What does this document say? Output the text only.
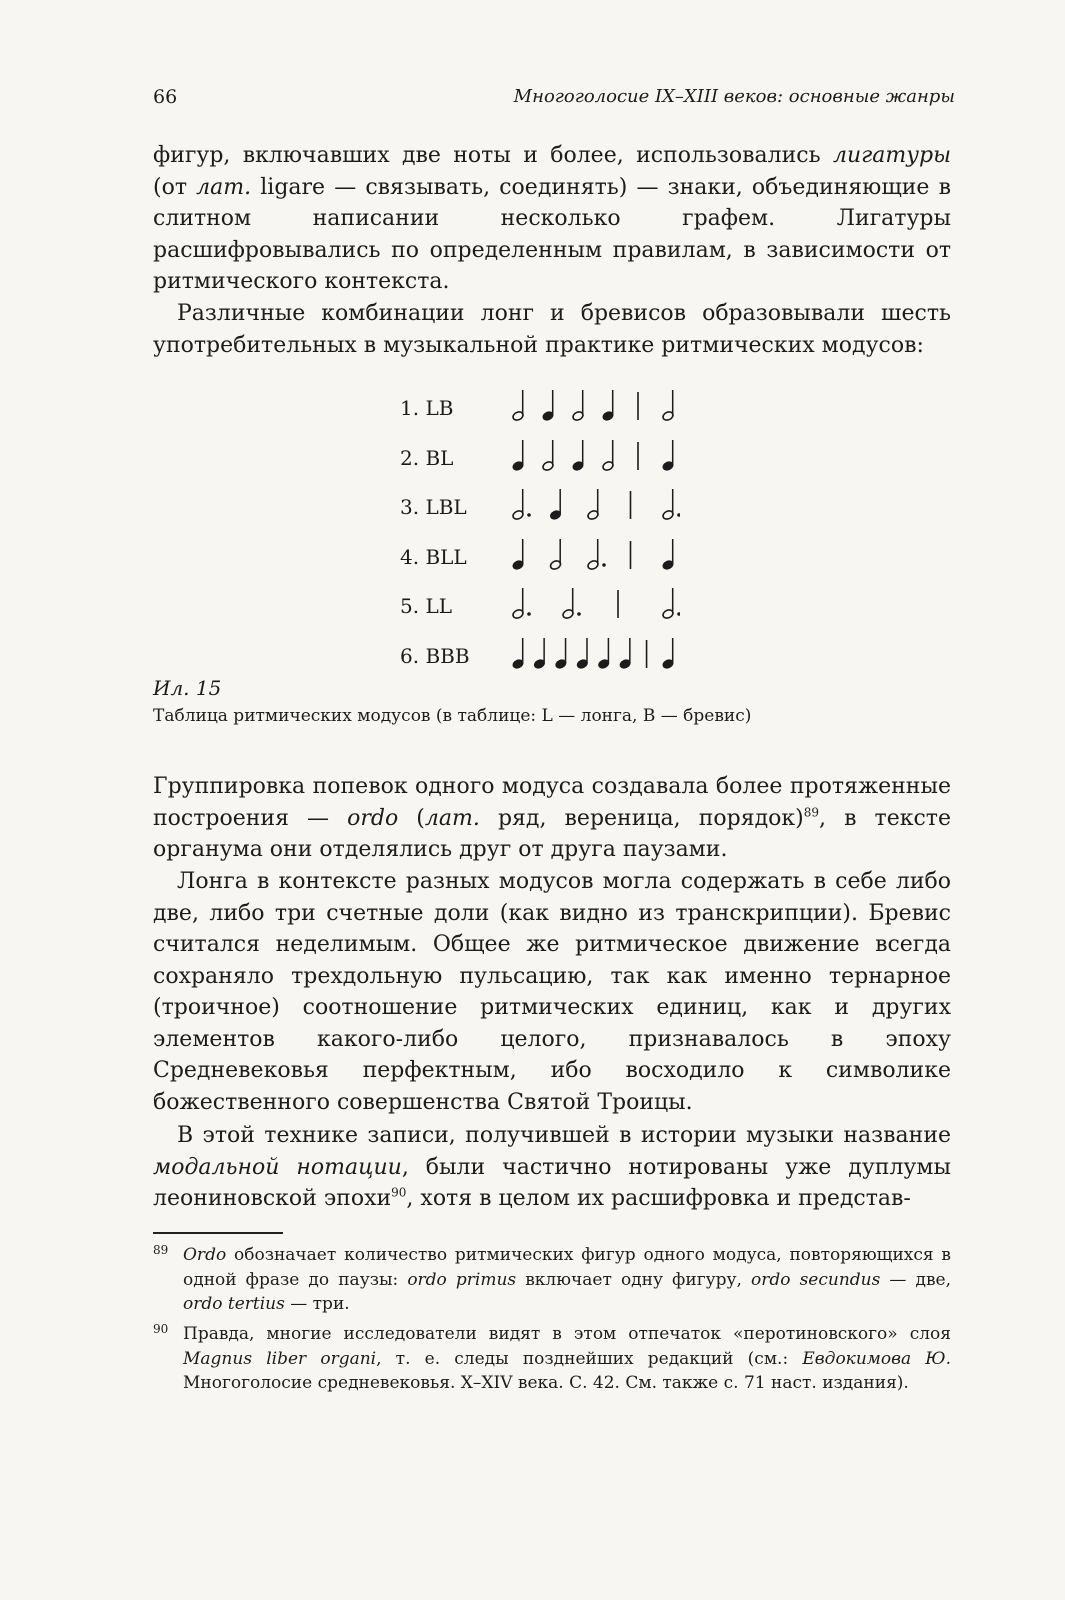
66	Многоголосие IX–XIII веков: основные жанры

фигур, включавших две ноты и более, использовались лигатуры (от лат. ligare — связывать, соединять) — знаки, объединяющие в слитном написании несколько графем. Лигатуры расшифровывались по определенным правилам, в зависимости от ритмического контекста.

Различные комбинации лонг и бревисов образовывали шесть употребительных в музыкальной практике ритмических модусов:

1. LB
2. BL
3. LBL
4. BLL
5. LL
6. BBB
Ил. 15
Таблица ритмических модусов (в таблице: L — лонга, B — бревис)

Группировка попевок одного модуса создавала более протяженные построения — ordo (лат. ряд, вереница, порядок)$^{89}$, в тексте органума они отделялись друг от друга паузами.

Лонга в контексте разных модусов могла содержать в себе либо две, либо три счетные доли (как видно из транскрипции). Бревис считался неделимым. Общее же ритмическое движение всегда сохраняло трехдольную пульсацию, так как именно тернарное (троичное) соотношение ритмических единиц, как и других элементов какого-либо целого, признавалось в эпоху Средневековья перфектным, ибо восходило к символике божественного совершенства Святой Троицы.

В этой технике записи, получившей в истории музыки название модальной нотации, были частично нотированы уже дуплумы леониновской эпохи$^{90}$, хотя в целом их расшифровка и представ-

89 Ordo обозначает количество ритмических фигур одного модуса, повторяющихся в одной фразе до паузы: ordo primus включает одну фигуру, ordo secundus — две, ordo tertius — три.
90 Правда, многие исследователи видят в этом отпечаток «перотиновского» слоя Magnus liber organi, т. е. следы позднейших редакций (см.: Евдокимова Ю. Многоголосие средневековья. X–XIV века. С. 42. См. также с. 71 наст. издания).
